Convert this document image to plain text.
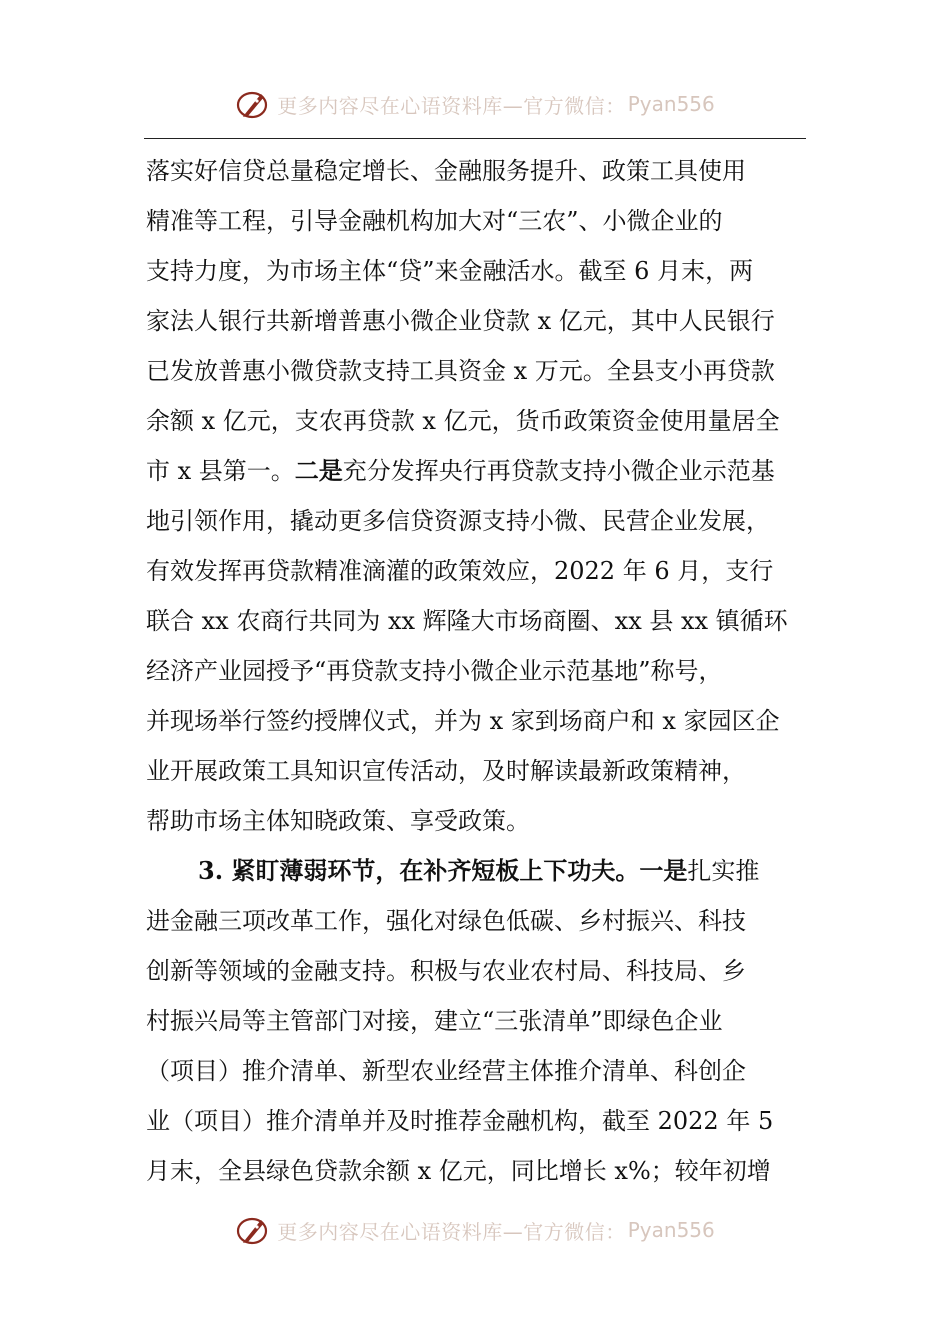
更多内容尽在心语资料库—官方微信： Pyan556
落实好信贷总量稳定增长、金融服务提升、政策工具使用
精准等工程，引导金融机构加大对“三农”、小微企业的
支持力度，为市场主体“贷”来金融活水。截至 6 月末，两
家法人银行共新增普惠小微企业贷款 x 亿元，其中人民银行
已发放普惠小微贷款支持工具资金 x 万元。全县支小再贷款
余额 x 亿元，支农再贷款 x 亿元，货币政策资金使用量居全
市 x 县第一。二是充分发挥央行再贷款支持小微企业示范基
地引领作用，撬动更多信贷资源支持小微、民营企业发展，
有效发挥再贷款精准滴灌的政策效应，2022 年 6 月，支行
联合 xx 农商行共同为 xx 辉隆大市场商圈、xx 县 xx 镇循环
经济产业园授予“再贷款支持小微企业示范基地”称号，
并现场举行签约授牌仪式，并为 x 家到场商户和 x 家园区企
业开展政策工具知识宣传活动，及时解读最新政策精神，
帮助市场主体知晓政策、享受政策。
3. 紧盯薄弱环节，在补齐短板上下功夫。一是扎实推
进金融三项改革工作，强化对绿色低碳、乡村振兴、科技
创新等领域的金融支持。积极与农业农村局、科技局、乡
村振兴局等主管部门对接，建立“三张清单”即绿色企业
（项目）推介清单、新型农业经营主体推介清单、科创企
业（项目）推介清单并及时推荐金融机构，截至 2022 年 5
月末，全县绿色贷款余额 x 亿元，同比增长 x%；较年初增
更多内容尽在心语资料库—官方微信： Pyan556
